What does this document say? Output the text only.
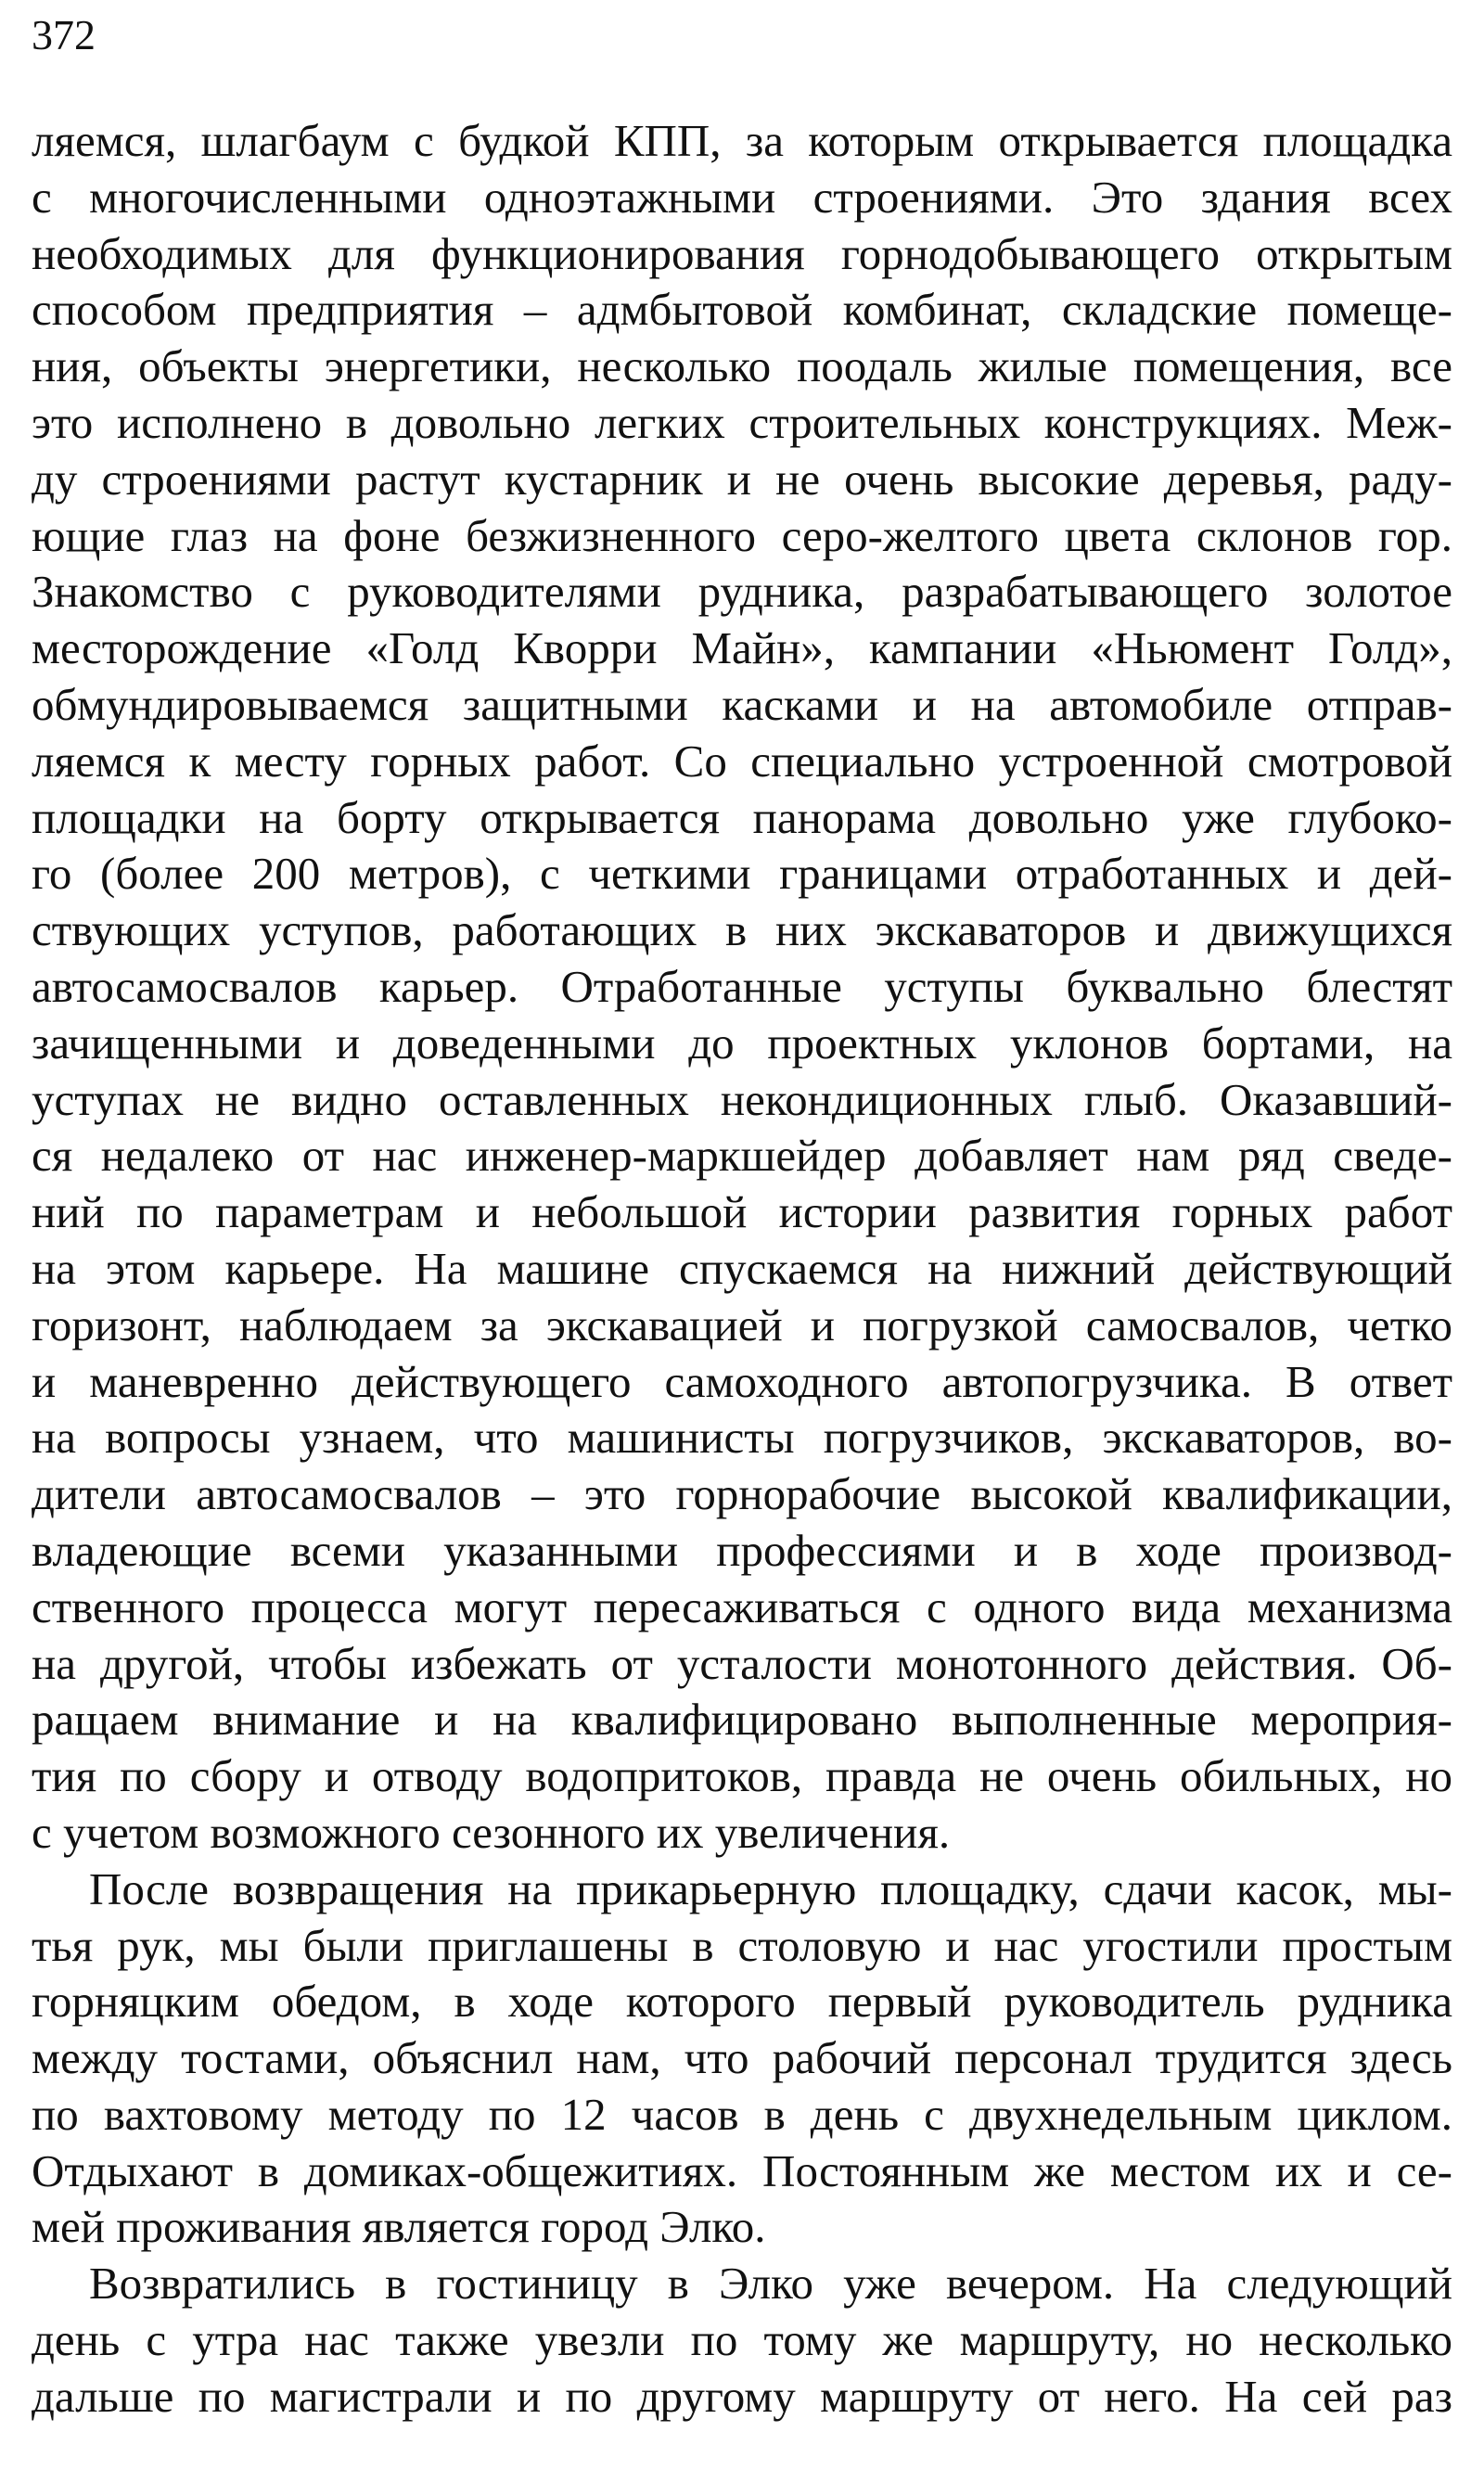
372
ляемся, шлагбаум с будкой КПП, за которым открывается площадка
с многочисленными одноэтажными строениями. Это здания всех
необходимых для функционирования горнодобывающего открытым
способом предприятия – адмбытовой комбинат, складские помеще-
ния, объекты энергетики, несколько поодаль жилые помещения, все
это исполнено в довольно легких строительных конструкциях. Меж-
ду строениями растут кустарник и не очень высокие деревья, раду-
ющие глаз на фоне безжизненного серо-желтого цвета склонов гор.
Знакомство с руководителями рудника, разрабатывающего золотое
месторождение «Голд Кворри Майн», кампании «Ньюмент Голд»,
обмундировываемся защитными касками и на автомобиле отправ-
ляемся к месту горных работ. Со специально устроенной смотровой
площадки на борту открывается панорама довольно уже глубоко-
го (более 200 метров), с четкими границами отработанных и дей-
ствующих уступов, работающих в них экскаваторов и движущихся
автосамосвалов карьер. Отработанные уступы буквально блестят
зачищенными и доведенными до проектных уклонов бортами, на
уступах не видно оставленных некондиционных глыб. Оказавший-
ся недалеко от нас инженер-маркшейдер добавляет нам ряд сведе-
ний по параметрам и небольшой истории развития горных работ
на этом карьере. На машине спускаемся на нижний действующий
горизонт, наблюдаем за экскавацией и погрузкой самосвалов, четко
и маневренно действующего самоходного автопогрузчика. В ответ
на вопросы узнаем, что машинисты погрузчиков, экскаваторов, во-
дители автосамосвалов – это горнорабочие высокой квалификации,
владеющие всеми указанными профессиями и в ходе производ-
ственного процесса могут пересаживаться с одного вида механизма
на другой, чтобы избежать от усталости монотонного действия. Об-
ращаем внимание и на квалифицировано выполненные мероприя-
тия по сбору и отводу водопритоков, правда не очень обильных, но
с учетом возможного сезонного их увеличения.
После возвращения на прикарьерную площадку, сдачи касок, мы-
тья рук, мы были приглашены в столовую и нас угостили простым
горняцким обедом, в ходе которого первый руководитель рудника
между тостами, объяснил нам, что рабочий персонал трудится здесь
по вахтовому методу по 12 часов в день с двухнедельным циклом.
Отдыхают в домиках-общежитиях. Постоянным же местом их и се-
мей проживания является город Элко.
Возвратились в гостиницу в Элко уже вечером. На следующий
день с утра нас также увезли по тому же маршруту, но несколько
дальше по магистрали и по другому маршруту от него. На сей раз
